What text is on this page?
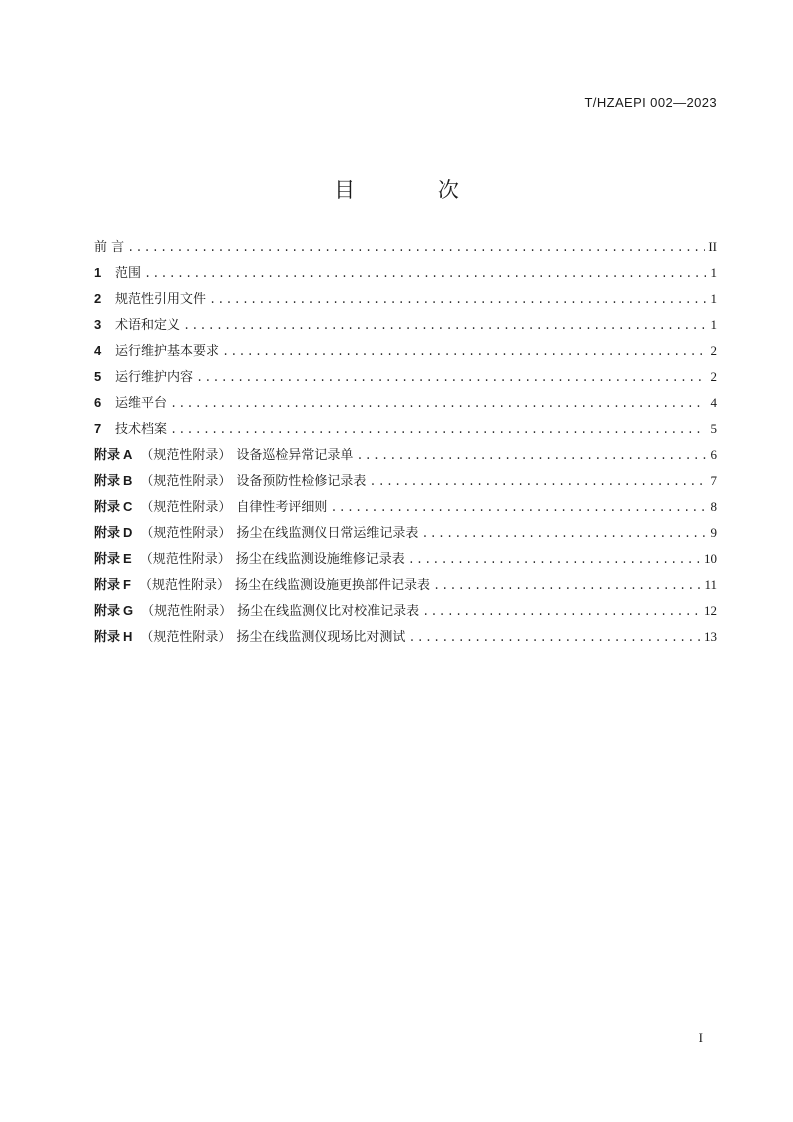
T/HZAEPI 002—2023
目 次
前 言 .....	II
1	范围 .....	1
2	规范性引用文件 .....	1
3	术语和定义 .....	1
4	运行维护基本要求 .....	2
5	运行维护内容 .....	2
6	运维平台 .....	4
7	技术档案 .....	5
附录 A （规范性附录） 设备巡检异常记录单 .....	6
附录 B （规范性附录） 设备预防性检修记录表 .....	7
附录 C （规范性附录） 自律性考评细则 .....	8
附录 D （规范性附录） 扬尘在线监测仪日常运维记录表 .....	9
附录 E （规范性附录） 扬尘在线监测设施维修记录表 .....	10
附录 F （规范性附录） 扬尘在线监测设施更换部件记录表 .....	11
附录 G （规范性附录） 扬尘在线监测仪比对校准记录表 .....	12
附录 H （规范性附录） 扬尘在线监测仪现场比对测试 .....	13
I
